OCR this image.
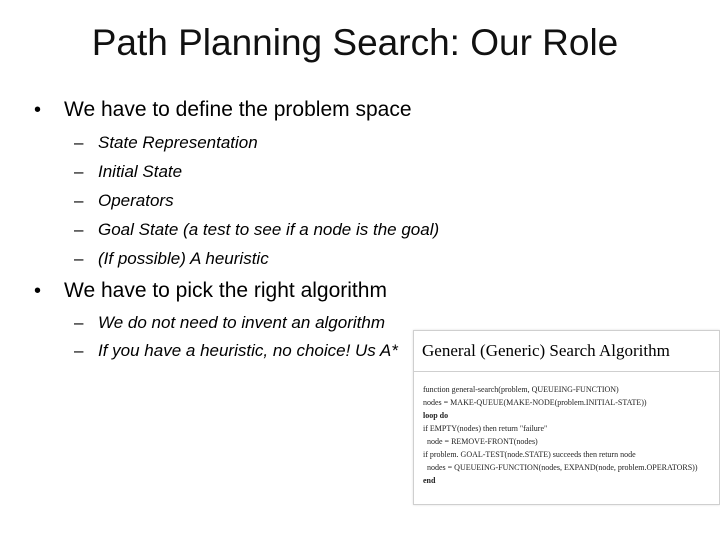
Path Planning Search: Our Role
• We have to define the problem space
– State Representation
– Initial State
– Operators
– Goal State (a test to see if a node is the goal)
– (If possible) A heuristic
• We have to pick the right algorithm
– We do not need to invent an algorithm
– If you have a heuristic, no choice! Us A*	General (Generic) Search Algorithm
function general-search(problem, QUEUEING-FUNCTION)
nodes = MAKE-QUEUE(MAKE-NODE(problem.INITIAL-STATE))
loop do
if EMPTY(nodes) then return "failure"
node = REMOVE-FRONT(nodes)
if problem. GOAL-TEST(node.STATE) succeeds then return node
nodes = QUEUEING-FUNCTION(nodes, EXPAND(node, problem.OPERATORS))
end
